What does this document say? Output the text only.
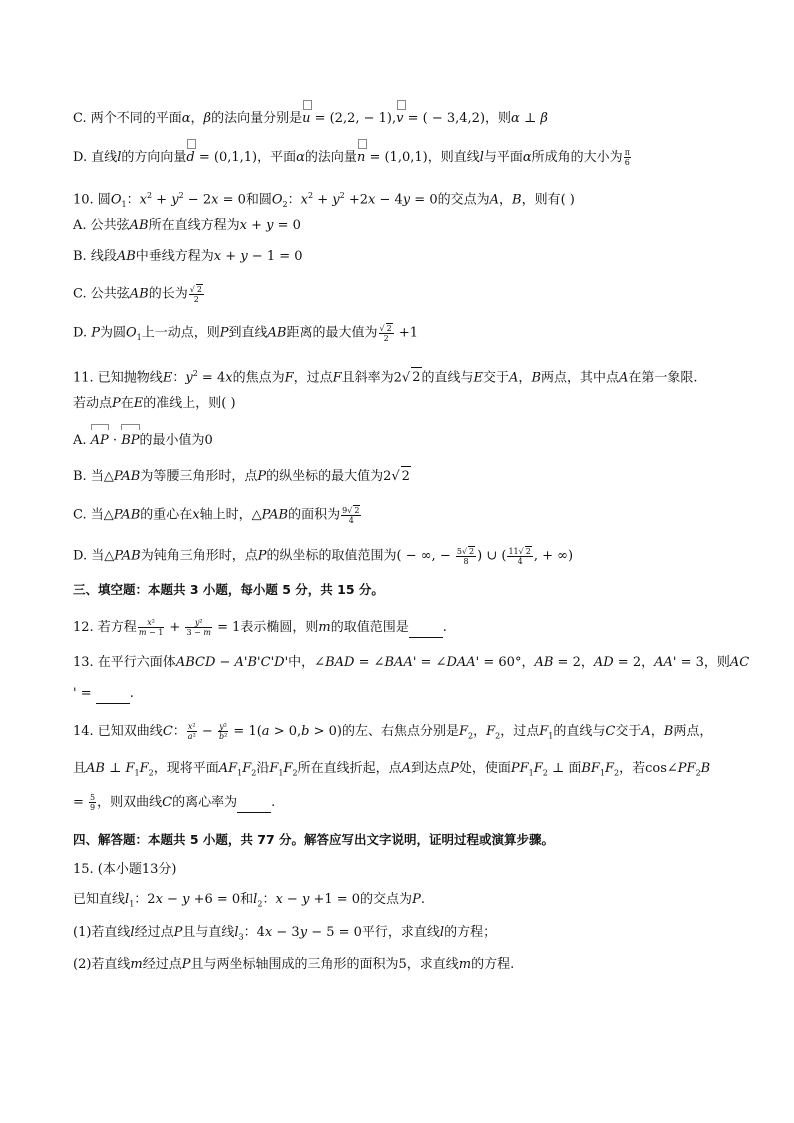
C. 两个不同的平面α，β的法向量分别是u = (2,2, − 1),v = ( − 3,4,2)，则α ⊥ β
D. 直线l的方向向量d = (0,1,1)，平面α的法向量n = (1,0,1)，则直线l与平面α所成角的大小为 $\frac{\pi}{6}$
10. 圆$O_1$：$x^2 + y^2 - 2x = 0$和圆$O_2$：$x^2 + y^2 +2x - 4y = 0$的交点为A，B，则有( )
A. 公共弦AB所在直线方程为x + y = 0
B. 线段AB中垂线方程为x + y − 1 = 0
C. 公共弦AB的长为 $\frac{√ 2}{2}$
D. P为圆$O_1$上一动点，则P到直线AB距离的最大值为 $\frac{√ 2}{2} +1$
11. 已知抛物线E：$y^2 = 4x$的焦点为F，过点F且斜率为2√ 2的直线与E交于A，B两点，其中点A在第一象限.
若动点P在E的准线上，则( )
A. AP · BP的最小值为0
B. 当△PAB为等腰三角形时，点P的纵坐标的最大值为2√ 2
C. 当△PAB的重心在x轴上时，△PAB的面积为 $\frac{9√ 2}{4}$
D. 当△PAB为钝角三角形时，点P的纵坐标的取值范围为( − ∞, − $\frac{5√ 2}{8}$ ) ∪ ( $\frac{11√ 2}{4}$ , + ∞)
三、填空题：本题共 3 小题，每小题 5 分，共 15 分。
12. 若方程 $\frac{\text{x²}}{m - 1} + \frac{\text{y²}}{3 - m} = 1$表示椭圆，则m的取值范围是	.
13. 在平行六面体ABCD − A'B'C'D'中，∠BAD = ∠BAA' = ∠DAA' = 60°，AB = 2，AD = 2，AA' = 3，则AC
' =	.
14. 已知双曲线C： $\frac{\text{x²}}{\text{a²}} - \frac{\text{y²}}{\text{b²}} = 1(a > 0,b > 0)$的左、右焦点分别是$F_2$，$F_2$，过点$F_1$的直线与C交于A，B两点，
且AB ⊥ $F_1F_2$，现将平面$AF_1F_2$沿$F_1F_2$所在直线折起，点A到达点P处，使面$PF_1F_2$ ⊥ 面$BF_1F_2$，若$\cos\angle PF_2B$
= $\frac{5}{9}$ ，则双曲线C的离心率为	.
四、解答题：本题共 5 小题，共 77 分。解答应写出文字说明，证明过程或演算步骤。
15. (本小题13分)
已知直线$l_1$：2x − y +6 = 0和$l_2$：x − y +1 = 0的交点为P.
(1)若直线l经过点P且与直线$l_3$：4x − 3y − 5 = 0平行，求直线l的方程；
(2)若直线m经过点P且与两坐标轴围成的三角形的面积为5，求直线m的方程.
